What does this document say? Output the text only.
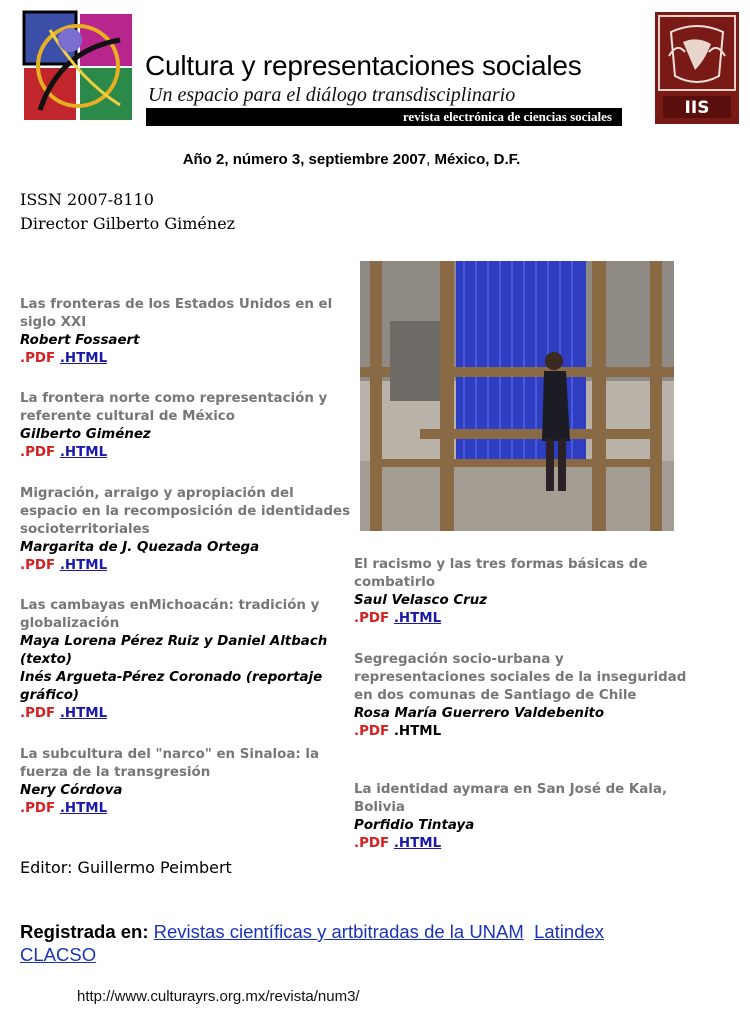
Cultura y representaciones sociales
Un espacio para el diálogo transdisciplinario
revista electrónica de ciencias sociales	IIS
Año 2, número 3, septiembre 2007, México, D.F.
ISSN 2007-8110
Director Gilberto Giménez
Las fronteras de los Estados Unidos en el siglo XXI
Robert Fossaert
.PDF .HTML
La frontera norte como representación y referente cultural de México
Gilberto Giménez
.PDF .HTML
Migración, arraigo y apropiación del espacio en la recomposición de identidades socioterritoriales
Margarita de J. Quezada Ortega
.PDF .HTML
Las cambayas enMichoacán: tradición y globalización
Maya Lorena Pérez Ruiz y Daniel Altbach (texto)
Inés Argueta-Pérez Coronado (reportaje gráfico)
.PDF .HTML
La subcultura del "narco" en Sinaloa: la fuerza de la transgresión
Nery Córdova
.PDF .HTML
El racismo y las tres formas básicas de combatirlo
Saul Velasco Cruz
.PDF .HTML
Segregación socio-urbana y representaciones sociales de la inseguridad en dos comunas de Santiago de Chile
Rosa María Guerrero Valdebenito
.PDF .HTML
La identidad aymara en San José de Kala, Bolivia
Porfidio Tintaya
.PDF .HTML
Editor: Guillermo Peimbert
Registrada en: Revistas científicas y artbitradas de la UNAM Latindex
CLACSO
http://www.culturayrs.org.mx/revista/num3/
